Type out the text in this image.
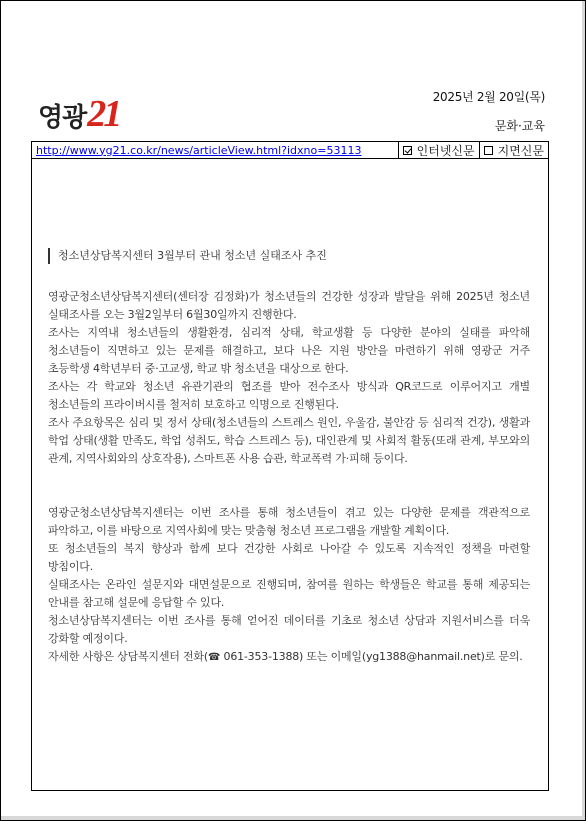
영광21	2025년 2월 20일(목)
문화·교육
http://www.yg21.co.kr/news/articleView.html?idxno=53113	인터넷신문 지면신문
청소년상담복지센터 3월부터 관내 청소년 실태조사 추진

영광군청소년상담복지센터(센터장 김정화)가 청소년들의 건강한 성장과 발달을 위해 2025년 청소년 실태조사를 오는 3월2일부터 6월30일까지 진행한다.

조사는 지역내 청소년들의 생활환경, 심리적 상태, 학교생활 등 다양한 분야의 실태를 파악해 청소년들이 직면하고 있는 문제를 해결하고, 보다 나은 지원 방안을 마련하기 위해 영광군 거주 초등학생 4학년부터 중·고교생, 학교 밖 청소년을 대상으로 한다.

조사는 각 학교와 청소년 유관기관의 협조를 받아 전수조사 방식과 QR코드로 이루어지고 개별 청소년들의 프라이버시를 철저히 보호하고 익명으로 진행된다.

조사 주요항목은 심리 및 정서 상태(청소년들의 스트레스 원인, 우울감, 불안감 등 심리적 건강), 생활과 학업 상태(생활 만족도, 학업 성취도, 학습 스트레스 등), 대인관계 및 사회적 활동(또래 관계, 부모와의 관계, 지역사회와의 상호작용), 스마트폰 사용 습관, 학교폭력 가·피해 등이다.

영광군청소년상담복지센터는 이번 조사를 통해 청소년들이 겪고 있는 다양한 문제를 객관적으로 파악하고, 이를 바탕으로 지역사회에 맞는 맞춤형 청소년 프로그램을 개발할 계획이다.

또 청소년들의 복지 향상과 함께 보다 건강한 사회로 나아갈 수 있도록 지속적인 정책을 마련할 방침이다.

실태조사는 온라인 설문지와 대면설문으로 진행되며, 참여를 원하는 학생들은 학교를 통해 제공되는 안내를 참고해 설문에 응답할 수 있다.

청소년상담복지센터는 이번 조사를 통해 얻어진 데이터를 기초로 청소년 상담과 지원서비스를 더욱 강화할 예정이다.

자세한 사항은 상담복지센터 전화(☎ 061-353-1388) 또는 이메일(yg1388@hanmail.net)로 문의.
